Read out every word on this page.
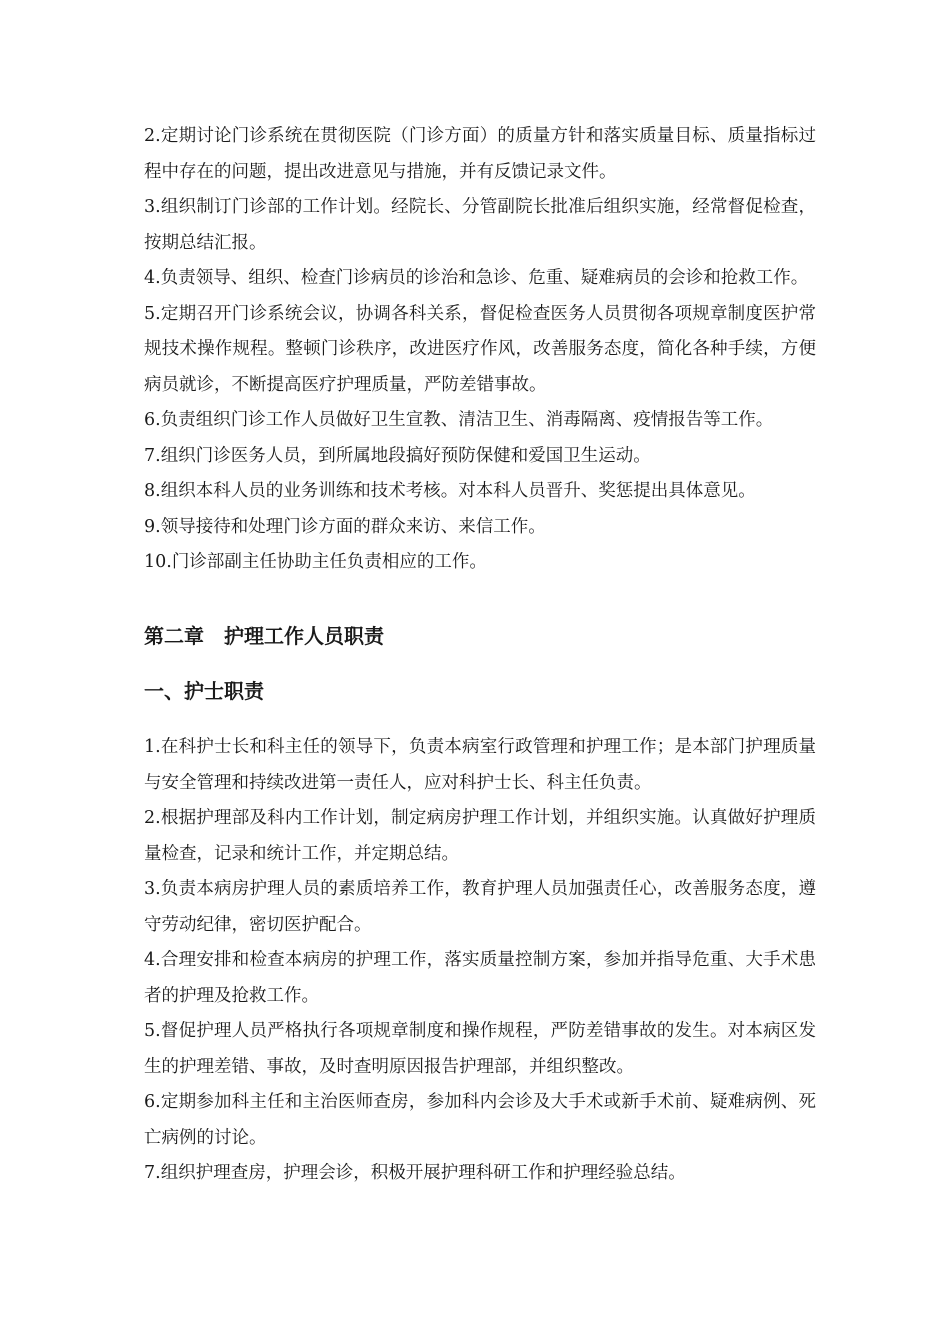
2.定期讨论门诊系统在贯彻医院（门诊方面）的质量方针和落实质量目标、质量指标过程中存在的问题，提出改进意见与措施，并有反馈记录文件。

3.组织制订门诊部的工作计划。经院长、分管副院长批准后组织实施，经常督促检查，按期总结汇报。

4.负责领导、组织、检查门诊病员的诊治和急诊、危重、疑难病员的会诊和抢救工作。

5.定期召开门诊系统会议，协调各科关系，督促检查医务人员贯彻各项规章制度医护常规技术操作规程。整顿门诊秩序，改进医疗作风，改善服务态度，简化各种手续，方便病员就诊，不断提高医疗护理质量，严防差错事故。

6.负责组织门诊工作人员做好卫生宣教、清洁卫生、消毒隔离、疫情报告等工作。

7.组织门诊医务人员，到所属地段搞好预防保健和爱国卫生运动。

8.组织本科人员的业务训练和技术考核。对本科人员晋升、奖惩提出具体意见。

9.领导接待和处理门诊方面的群众来访、来信工作。

10.门诊部副主任协助主任负责相应的工作。

第二章　护理工作人员职责
一、护士职责

1.在科护士长和科主任的领导下，负责本病室行政管理和护理工作；是本部门护理质量与安全管理和持续改进第一责任人，应对科护士长、科主任负责。

2.根据护理部及科内工作计划，制定病房护理工作计划，并组织实施。认真做好护理质量检查，记录和统计工作，并定期总结。

3.负责本病房护理人员的素质培养工作，教育护理人员加强责任心，改善服务态度，遵守劳动纪律，密切医护配合。

4.合理安排和检查本病房的护理工作，落实质量控制方案，参加并指导危重、大手术患者的护理及抢救工作。

5.督促护理人员严格执行各项规章制度和操作规程，严防差错事故的发生。对本病区发生的护理差错、事故，及时查明原因报告护理部，并组织整改。

6.定期参加科主任和主治医师查房，参加科内会诊及大手术或新手术前、疑难病例、死亡病例的讨论。

7.组织护理查房，护理会诊，积极开展护理科研工作和护理经验总结。
